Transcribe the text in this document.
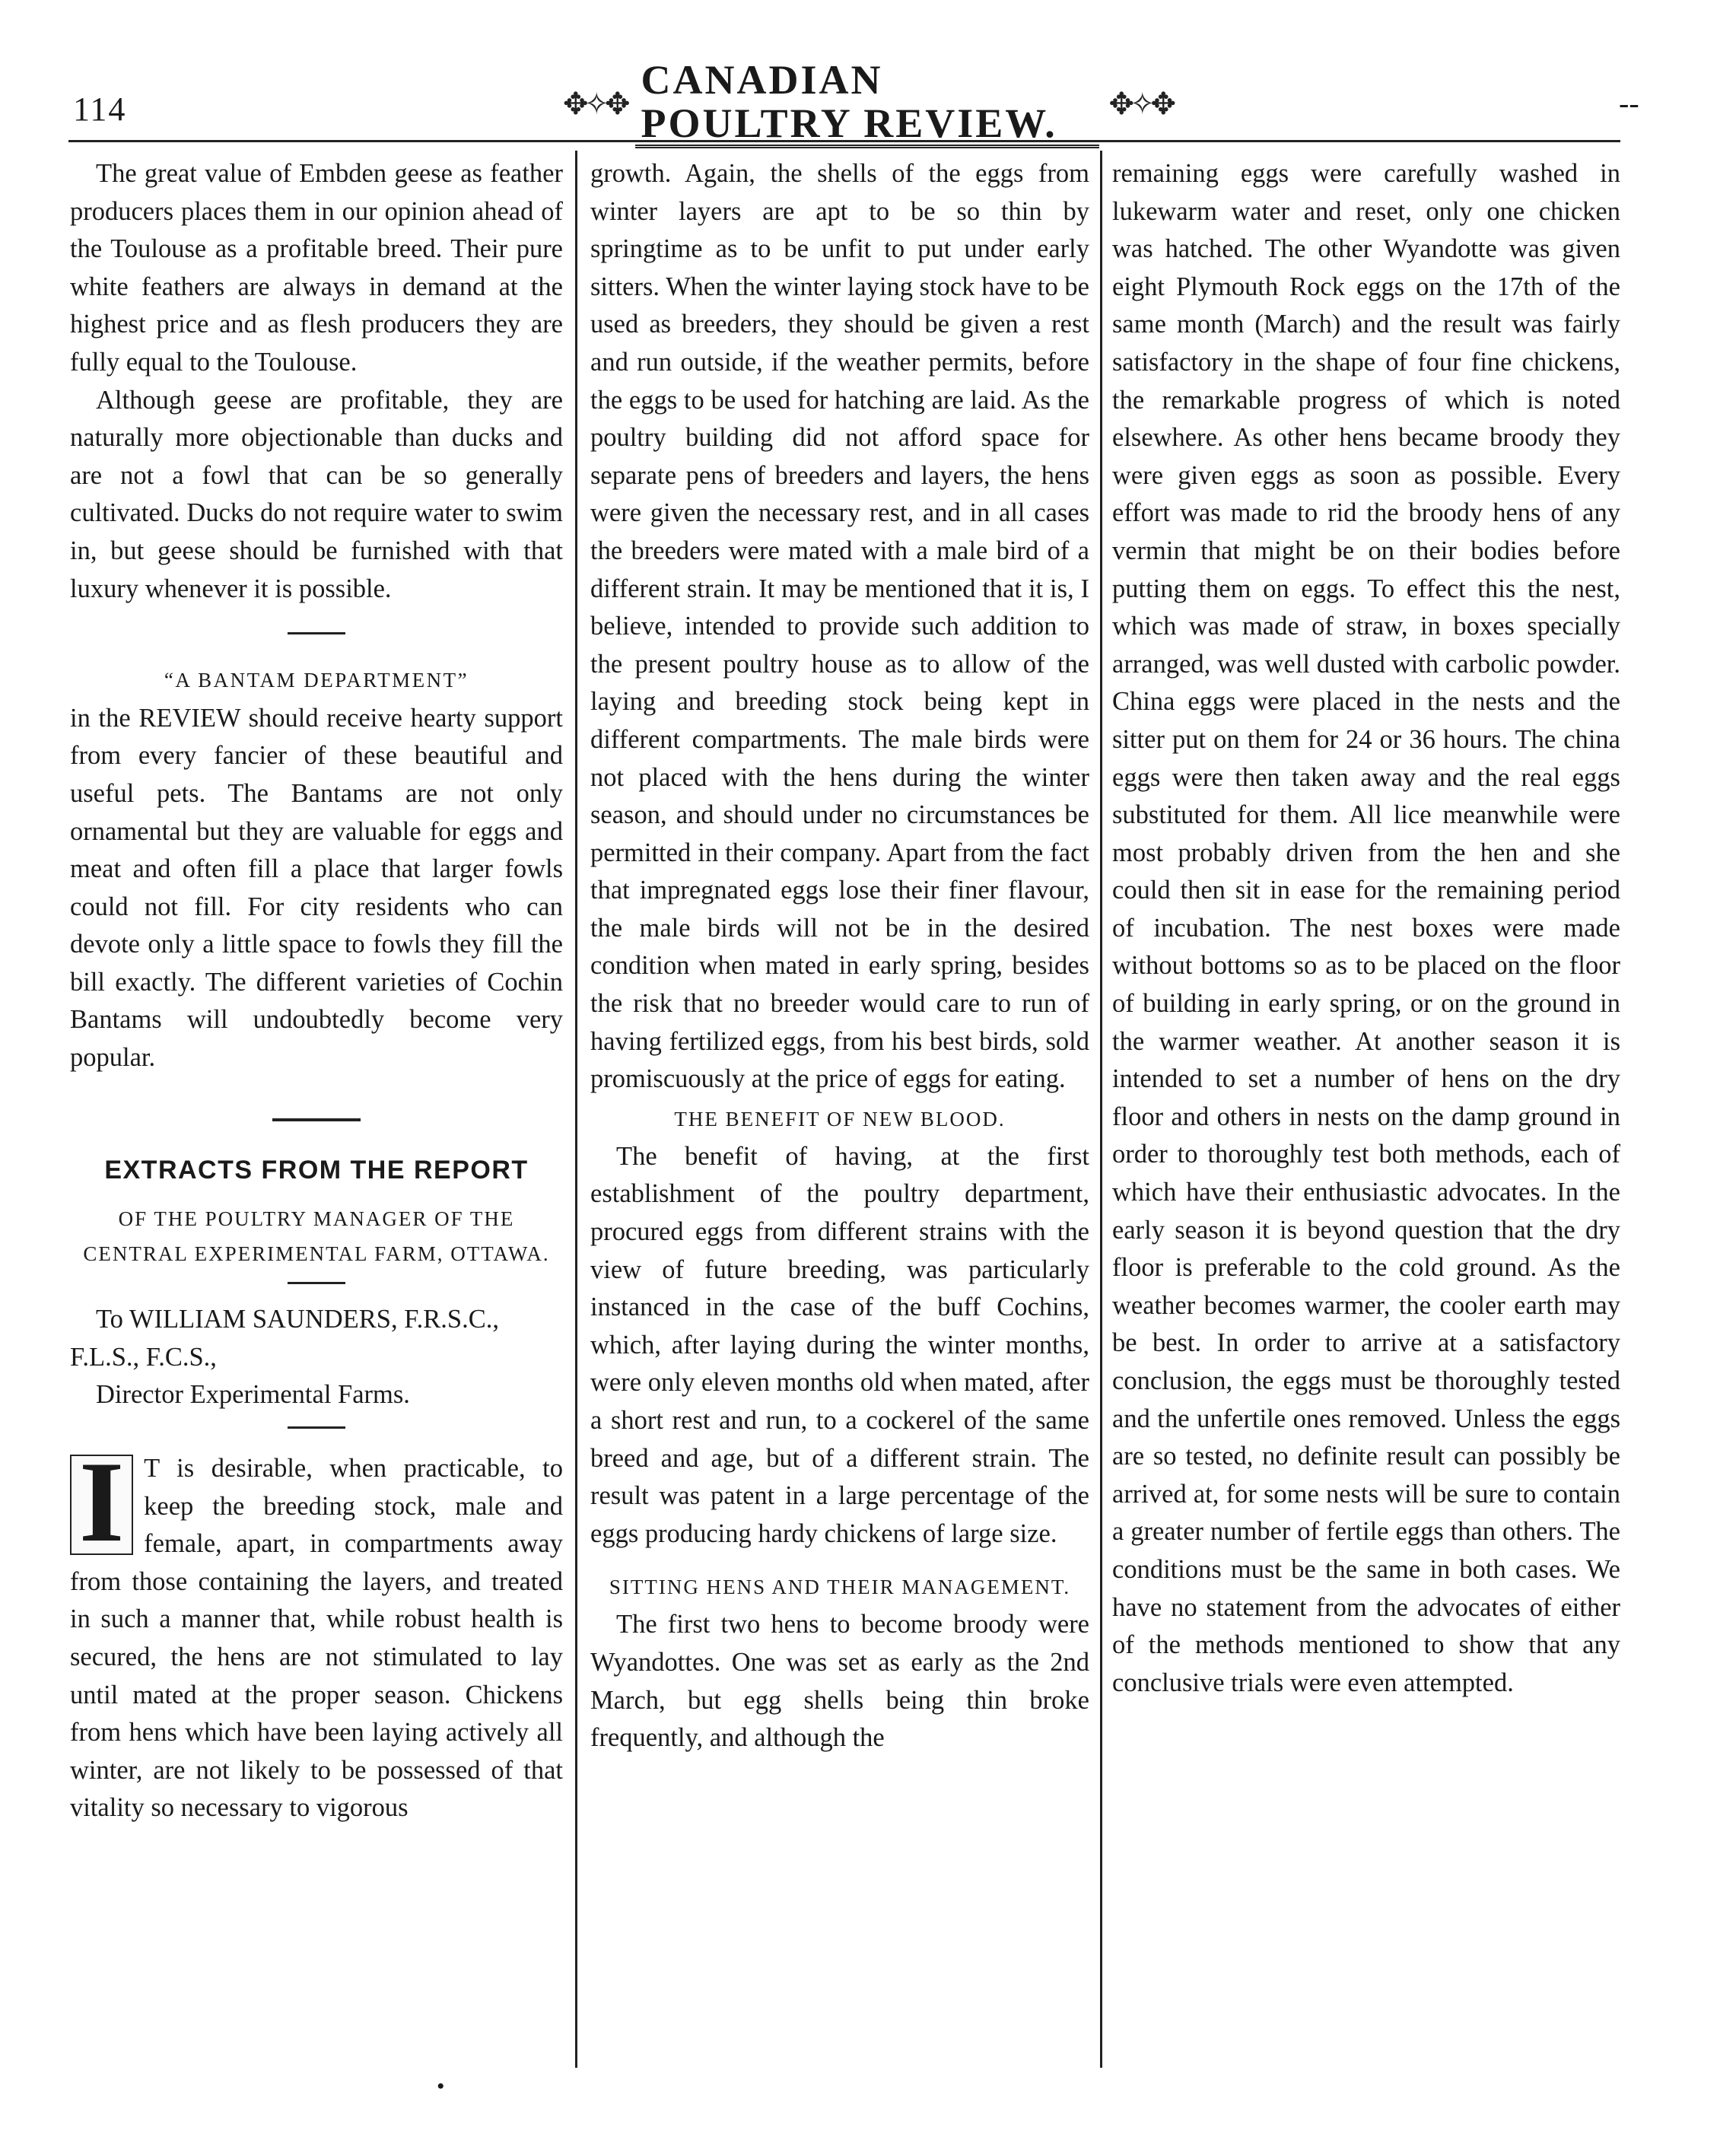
114	✥✧✥
CANADIAN POULTRY REVIEW.	✥✧✥	--

The great value of Embden geese as feather producers places them in our opinion ahead of the Toulouse as a profitable breed. Their pure white feathers are always in demand at the highest price and as flesh producers they are fully equal to the Toulouse.

Although geese are profitable, they are naturally more objectionable than ducks and are not a fowl that can be so generally cultivated. Ducks do not require water to swim in, but geese should be furnished with that luxury whenever it is possible.

“A BANTAM DEPARTMENT”

in the REVIEW should receive hearty support from every fancier of these beautiful and useful pets. The Bantams are not only ornamental but they are valuable for eggs and meat and often fill a place that larger fowls could not fill. For city residents who can devote only a little space to fowls they fill the bill exactly. The different varieties of Cochin Bantams will undoubtedly become very popular.

EXTRACTS FROM THE REPORT
OF THE POULTRY MANAGER OF THE CENTRAL EXPERIMENTAL FARM, OTTAWA.
To WILLIAM SAUNDERS, F.R.S.C.,
F.L.S., F.C.S.,
Director Experimental Farms.
I T is desirable, when practicable, to keep the breeding stock, male and female, apart, in compartments away from those containing the layers, and treated in such a manner that, while robust health is secured, the hens are not stimulated to lay until mated at the proper season. Chickens from hens which have been laying actively all winter, are not likely to be possessed of that vitality so necessary to vigorous

growth. Again, the shells of the eggs from winter layers are apt to be so thin by springtime as to be unfit to put under early sitters. When the winter laying stock have to be used as breeders, they should be given a rest and run outside, if the weather permits, before the eggs to be used for hatching are laid. As the poultry building did not afford space for separate pens of breeders and layers, the hens were given the necessary rest, and in all cases the breeders were mated with a male bird of a different strain. It may be mentioned that it is, I believe, intended to provide such addition to the present poultry house as to allow of the laying and breeding stock being kept in different compartments. The male birds were not placed with the hens during the winter season, and should under no circumstances be permitted in their company. Apart from the fact that impregnated eggs lose their finer flavour, the male birds will not be in the desired condition when mated in early spring, besides the risk that no breeder would care to run of having fertilized eggs, from his best birds, sold promiscuously at the price of eggs for eating.

THE BENEFIT OF NEW BLOOD.

The benefit of having, at the first establishment of the poultry department, procured eggs from different strains with the view of future breeding, was particularly instanced in the case of the buff Cochins, which, after laying during the winter months, were only eleven months old when mated, after a short rest and run, to a cockerel of the same breed and age, but of a different strain. The result was patent in a large percentage of the eggs producing hardy chickens of large size.

SITTING HENS AND THEIR MANAGEMENT.

The first two hens to become broody were Wyandottes. One was set as early as the 2nd March, but egg shells being thin broke frequently, and although the

remaining eggs were carefully washed in lukewarm water and reset, only one chicken was hatched. The other Wyandotte was given eight Plymouth Rock eggs on the 17th of the same month (March) and the result was fairly satisfactory in the shape of four fine chickens, the remarkable progress of which is noted elsewhere. As other hens became broody they were given eggs as soon as possible. Every effort was made to rid the broody hens of any vermin that might be on their bodies before putting them on eggs. To effect this the nest, which was made of straw, in boxes specially arranged, was well dusted with carbolic powder. China eggs were placed in the nests and the sitter put on them for 24 or 36 hours. The china eggs were then taken away and the real eggs substituted for them. All lice meanwhile were most probably driven from the hen and she could then sit in ease for the remaining period of incubation. The nest boxes were made without bottoms so as to be placed on the floor of building in early spring, or on the ground in the warmer weather. At another season it is intended to set a number of hens on the dry floor and others in nests on the damp ground in order to thoroughly test both methods, each of which have their enthusiastic advocates. In the early season it is beyond question that the dry floor is preferable to the cold ground. As the weather becomes warmer, the cooler earth may be best. In order to arrive at a satisfactory conclusion, the eggs must be thoroughly tested and the unfertile ones removed. Unless the eggs are so tested, no definite result can possibly be arrived at, for some nests will be sure to contain a greater number of fertile eggs than others. The conditions must be the same in both cases. We have no statement from the advocates of either of the methods mentioned to show that any conclusive trials were even attempted.

•
